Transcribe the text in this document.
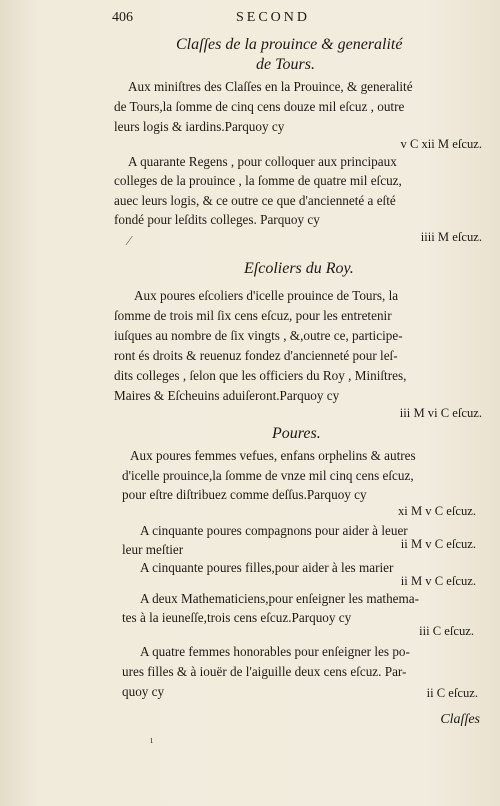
406	SECOND
Claſſes de la prouince & generalité
de Tours.
Aux miniſtres des Claſſes en la Prouince, & generalité
de Tours,la ſomme de cinq cens douze mil eſcuz , outre
leurs logis & iardins.Parquoy cy
v C xii M eſcuz.
A quarante Regens , pour colloquer aux principaux
colleges de la prouince , la ſomme de quatre mil eſcuz,
auec leurs logis, & ce outre ce que d'ancienneté a eſté
fondé pour leſdits colleges. Parquoy cy
iiii M eſcuz.
⁄
Eſcoliers du Roy.
Aux poures eſcoliers d'icelle prouince de Tours, la
ſomme de trois mil ſix cens eſcuz, pour les entretenir
iuſques au nombre de ſix vingts , &,outre ce, participe-
ront és droits & reuenuz fondez d'ancienneté pour leſ-
dits colleges , ſelon que les officiers du Roy , Miniſtres,
Maires & Eſcheuins aduiſeront.Parquoy cy
iii M vi C eſcuz.
Poures.
Aux poures femmes vefues, enfans orphelins & autres
d'icelle prouince,la ſomme de vnze mil cinq cens eſcuz,
pour eſtre diſtribuez comme deſſus.Parquoy cy
xi M v C eſcuz.
A cinquante poures compagnons pour aider à leuer
leur meſtier	ii M v C eſcuz.
A cinquante poures filles,pour aider à les marier
ii M v C eſcuz.
A deux Mathematiciens,pour enſeigner les mathema-
tes à la ieuneſſe,trois cens eſcuz.Parquoy cy
iii C eſcuz.
A quatre femmes honorables pour enſeigner les po-
ures filles & à iouër de l'aiguille deux cens eſcuz. Par-
quoy cy	ii C eſcuz.
Claſſes
ı
